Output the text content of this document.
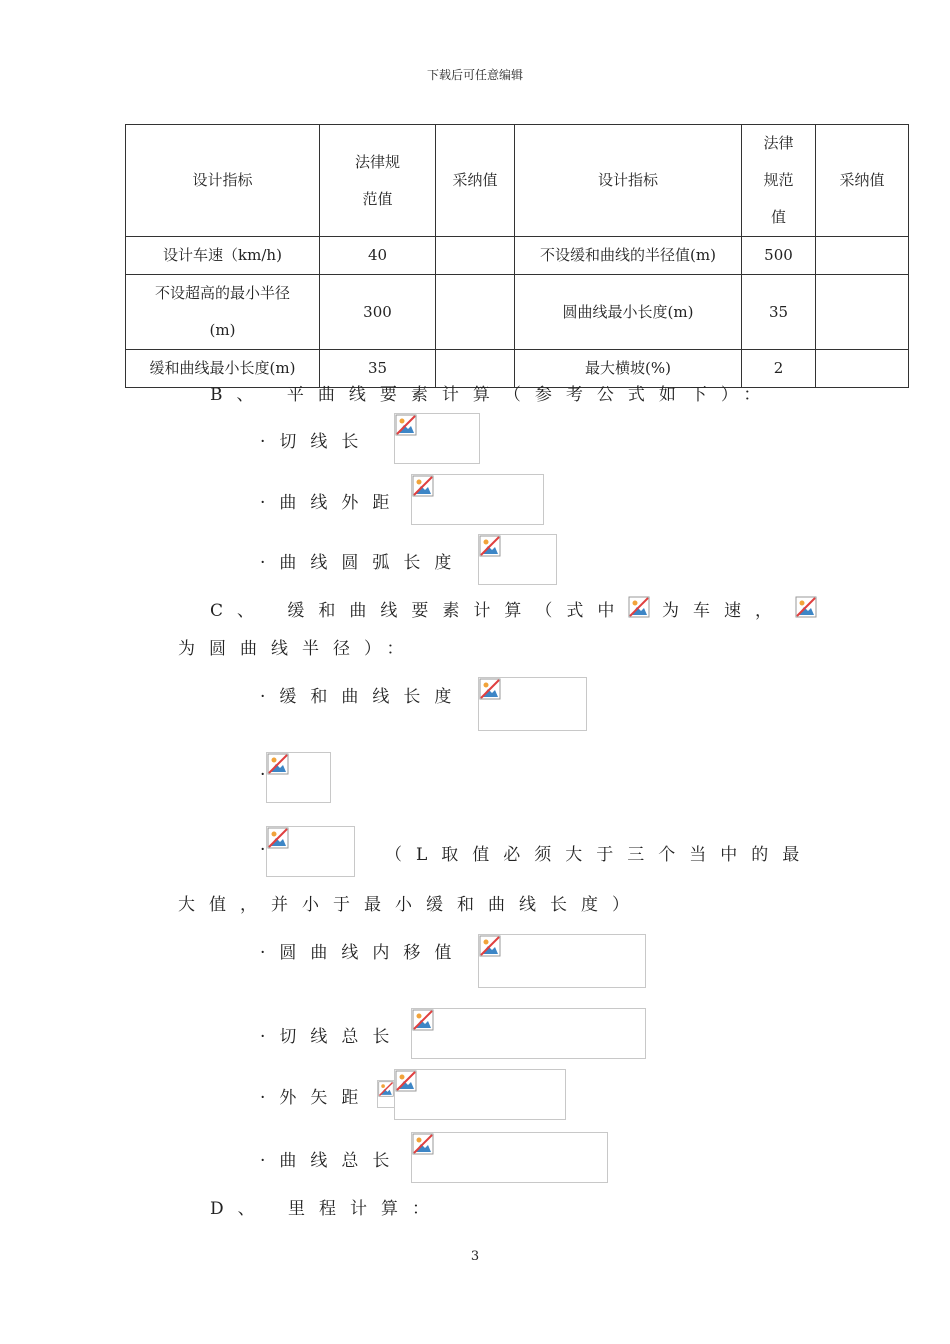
下载后可任意编辑
设计指标	法律规范值	采纳值	设计指标	法律规范值	采纳值
设计车速（km/h)	40		不设缓和曲线的半径值(m)	500	
不设超高的最小半径(m)	300		圆曲线最小长度(m)	35	
缓和曲线最小长度(m)	35		最大横坡(%)	2	
B、 平曲线要素计算（参考公式如下）：
·切线长
·曲线外距
·曲线圆弧长度
C、 缓和曲线要素计算（式中 为车速，
为圆曲线半径）：
·缓和曲线长度
·
·	（L取值必须大于三个当中的最
大值，并小于最小缓和曲线长度）
·圆曲线内移值
·切线总长
·外矢距
·曲线总长
D、 里程计算：
3
